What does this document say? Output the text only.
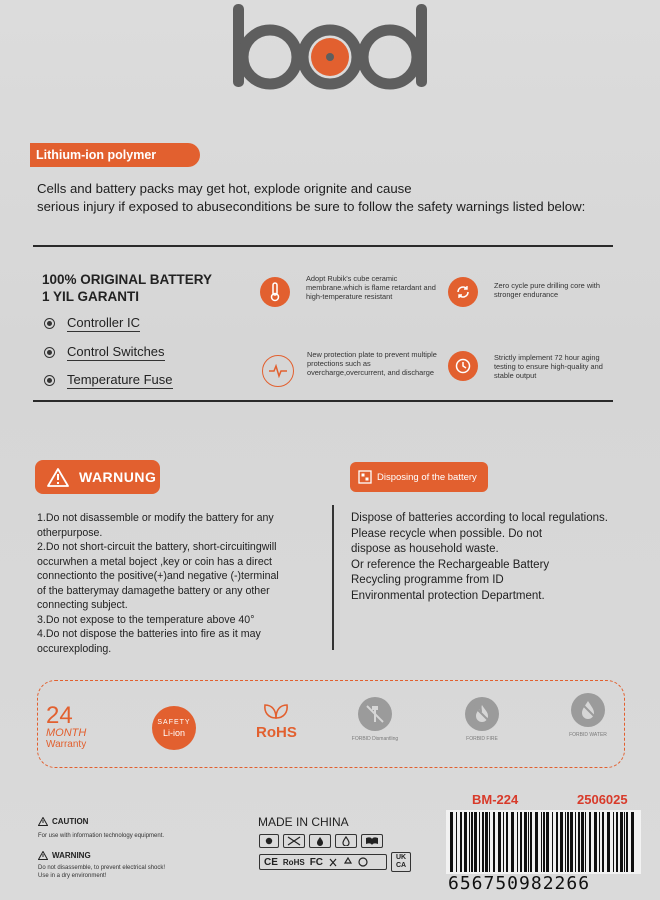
Lithium-ion polymer
Cells and battery packs may get hot, explode orignite and cause
serious injury if exposed to abuseconditions be sure to follow the safety warnings listed below:
100% ORIGINAL BATTERY
1 YIL GARANTI
Controller IC
Control Switches
Temperature Fuse
Adopt Rubik's cube ceramic membrane.which is flame retardant and high-temperature resistant
Zero cycle pure drilling core with stronger endurance
New protection plate to prevent multiple protections such as overcharge,overcurrent, and discharge
Strictly implement 72 hour aging testing to ensure high-quality and stable output
WARNUNG	Disposing of the battery
1.Do not disassemble or modify the battery for any
otherpurpose.
2.Do not short-circuit the battery, short-circuitingwill
occurwhen a metal boject ,key or coin has a direct
connectionto the positive(+)and negative (-)terminal
of the batterymay damagethe battery or any other
connecting subject.
3.Do not expose to the temperature above 40°
4.Do not dispose the batteries into fire as it may
occurexploding.
Dispose of batteries according to local regulations.
Please recycle when possible. Do not
dispose as household waste.
Or reference the Rechargeable Battery
Recycling programme from ID
Environmental protection Department.
24
MONTH
Warranty
SAFETY
Li-ion	RoHS	FORBID Dismantling	FORBID FIRE
FORBID WATER
CAUTION
For use with information technology equipment.
WARNING
Do not disassemble, to prevent electrical shock!
Use in a dry environment!
MADE IN CHINA
CE RoHS FC	UK
CA
BM-224	2506025
656750982266
